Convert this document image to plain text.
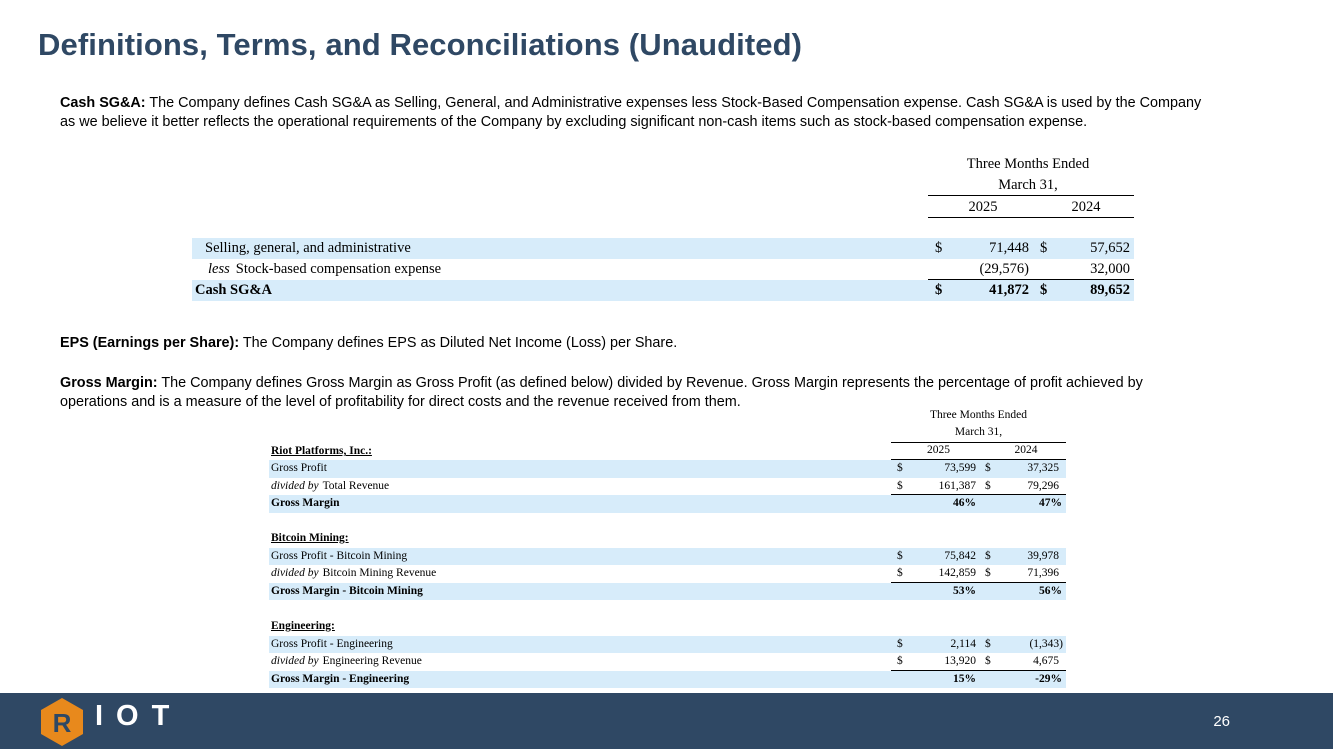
Definitions, Terms, and Reconciliations (Unaudited)
Cash SG&A: The Company defines Cash SG&A as Selling, General, and Administrative expenses less Stock-Based Compensation expense. Cash SG&A is used by the Company as we believe it better reflects the operational requirements of the Company by excluding significant non-cash items such as stock-based compensation expense.
Three Months Ended
March 31,
2025	2024
Selling, general, and administrative	$	71,448 $	57,652
less Stock-based compensation expense	(29,576)	32,000
Cash SG&A	$	41,872 $	89,652
EPS (Earnings per Share): The Company defines EPS as Diluted Net Income (Loss) per Share.
Gross Margin: The Company defines Gross Margin as Gross Profit (as defined below) divided by Revenue. Gross Margin represents the percentage of profit achieved by operations and is a measure of the level of profitability for direct costs and the revenue received from them.
Three Months Ended
March 31,
2025	2024
Riot Platforms, Inc.:
Gross Profit	$	73,599 $	37,325
divided by Total Revenue	$	161,387 $	79,296
Gross Margin	46%	47%
Bitcoin Mining:
Gross Profit - Bitcoin Mining	$	75,842 $	39,978
divided by Bitcoin Mining Revenue	$	142,859 $	71,396
Gross Margin - Bitcoin Mining	53%	56%
Engineering:
Gross Profit - Engineering	$	2,114 $	(1,343)
divided by Engineering Revenue	$	13,920 $	4,675
Gross Margin - Engineering	15%	-29%
R IOT	26
